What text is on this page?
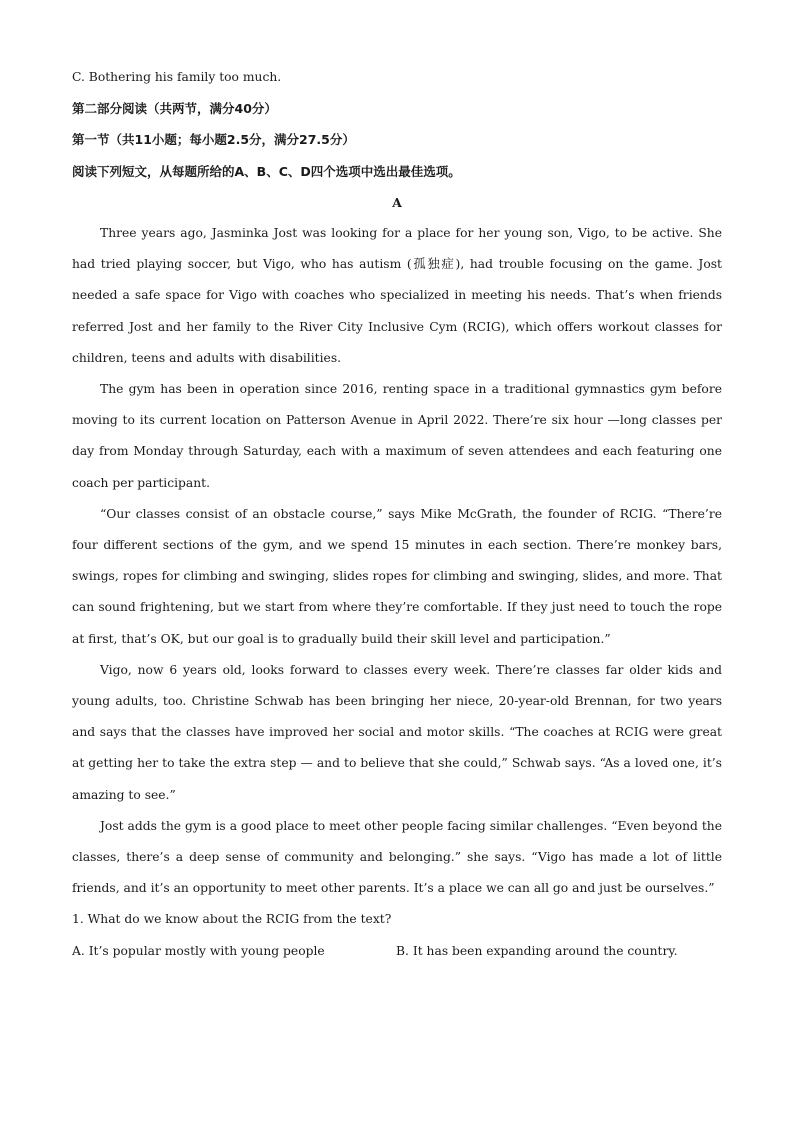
C. Bothering his family too much.
第二部分阅读（共两节，满分40分）
第一节（共11小题；每小题2.5分，满分27.5分）
阅读下列短文，从每题所给的A、B、C、D四个选项中选出最佳选项。
A

Three years ago, Jasminka Jost was looking for a place for her young son, Vigo, to be active. She had tried playing soccer, but Vigo, who has autism (孤独症), had trouble focusing on the game. Jost needed a safe space for Vigo with coaches who specialized in meeting his needs. That’s when friends referred Jost and her family to the River City Inclusive Cym (RCIG), which offers workout classes for children, teens and adults with disabilities.

The gym has been in operation since 2016, renting space in a traditional gymnastics gym before moving to its current location on Patterson Avenue in April 2022. There’re six hour —long classes per day from Monday through Saturday, each with a maximum of seven attendees and each featuring one coach per participant.

“Our classes consist of an obstacle course,” says Mike McGrath, the founder of RCIG. “There’re four different sections of the gym, and we spend 15 minutes in each section. There’re monkey bars, swings, ropes for climbing and swinging, slides ropes for climbing and swinging, slides, and more. That can sound frightening, but we start from where they’re comfortable. If they just need to touch the rope at first, that’s OK, but our goal is to gradually build their skill level and participation.”

Vigo, now 6 years old, looks forward to classes every week. There’re classes far older kids and young adults, too. Christine Schwab has been bringing her niece, 20-year-old Brennan, for two years and says that the classes have improved her social and motor skills. “The coaches at RCIG were great at getting her to take the extra step — and to believe that she could,” Schwab says. “As a loved one, it’s amazing to see.”

Jost adds the gym is a good place to meet other people facing similar challenges. “Even beyond the classes, there’s a deep sense of community and belonging.” she says. “Vigo has made a lot of little friends, and it’s an opportunity to meet other parents. It’s a place we can all go and just be ourselves.”

1. What do we know about the RCIG from the text?
A. It’s popular mostly with young people	B. It has been expanding around the country.
